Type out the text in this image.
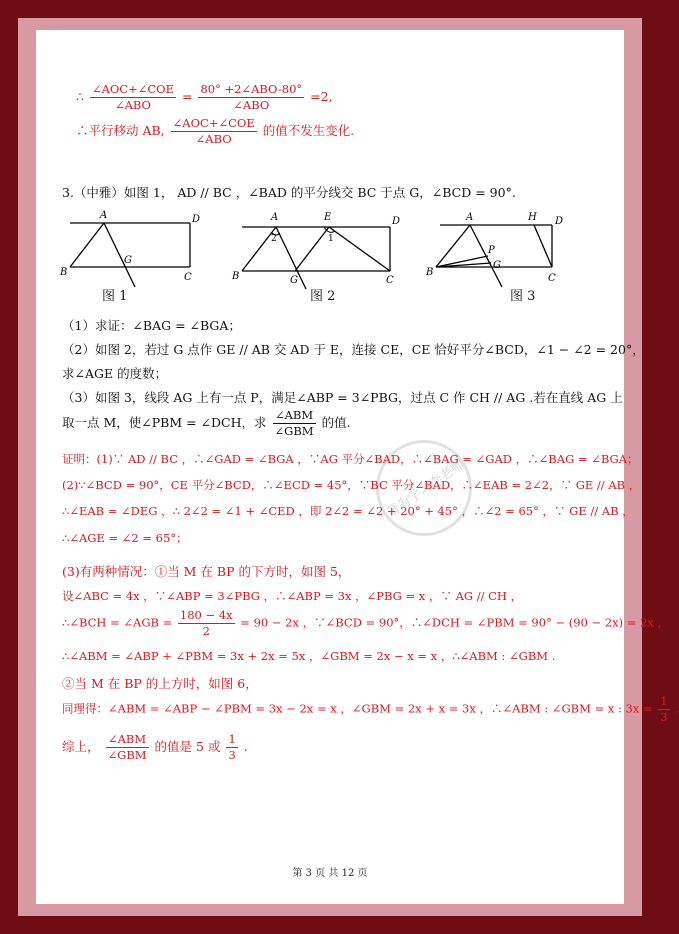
∴ $\frac{\text{∠AOC+∠COE}}{\text{∠ABO}} = \frac{\text{80° +2∠ABO-80°}}{\text{∠ABO}} =2$,
∴平行移动 AB, $\frac{\text{∠AOC+∠COE}}{\text{∠ABO}}$ 的值不发生变化.
3.（中雅）如图 1， AD // BC ，∠BAD 的平分线交 BC 于点 G，∠BCD = 90°.
A	D
B
G
C
A	E	D
2	1
B	G	C
A	H D
P
G
B
C
图 1	图 2	图 3
（1）求证：∠BAG = ∠BGA；
（2）如图 2，若过 G 点作 GE // AB 交 AD 于 E，连接 CE，CE 恰好平分∠BCD，∠1 − ∠2 = 20°，
求∠AGE 的度数；
（3）如图 3，线段 AG 上有一点 P，满足∠ABP = 3∠PBG，过点 C 作 CH // AG .若在直线 AG 上
取一点 M，使∠PBM = ∠DCH，求 $\frac{\text{∠ABM}}{\text{∠GBM}}$ 的值.
萧为学习李老师
证明：(1)∵ AD // BC ，∴∠GAD = ∠BGA ，∵AG 平分∠BAD，∴∠BAG = ∠GAD ，∴∠BAG = ∠BGA；
(2)∵∠BCD = 90°，CE 平分∠BCD，∴∠ECD = 45°，∵BC 平分∠BAD，∴∠EAB = 2∠2，∵ GE // AB ，
∴∠EAB = ∠DEG ，∴ 2∠2 = ∠1 + ∠CED ，即 2∠2 = ∠2 + 20° + 45° ，∴∠2 = 65° ，∵ GE // AB ，
∴∠AGE = ∠2 = 65°；
(3)有两种情况：①当 M 在 BP 的下方时，如图 5，
设∠ABC = 4x ，∵∠ABP = 3∠PBG ，∴∠ABP = 3x ，∠PBG = x ，∵ AG // CH ，
∴∠BCH = ∠AGB = $\frac{180 - 4x}{2} = 90 - 2x$ ，∵∠BCD = 90°，∴∠DCH = ∠PBM = 90° − (90 − 2x) = 2x ，
∴∠ABM = ∠ABP + ∠PBM = 3x + 2x = 5x ，∠GBM = 2x − x = x ，∴∠ABM : ∠GBM .
②当 M 在 BP 的上方时，如图 6，
同理得：∠ABM = ∠ABP − ∠PBM = 3x − 2x = x ，∠GBM = 2x + x = 3x ，∴∠ABM : ∠GBM = x : $3x = \frac{1}{3}$ .
综上， $\frac{\text{∠ABM}}{\text{∠GBM}}$ 的值是 5 或 $\frac{1}{3}$ .
第 3 页 共 12 页
